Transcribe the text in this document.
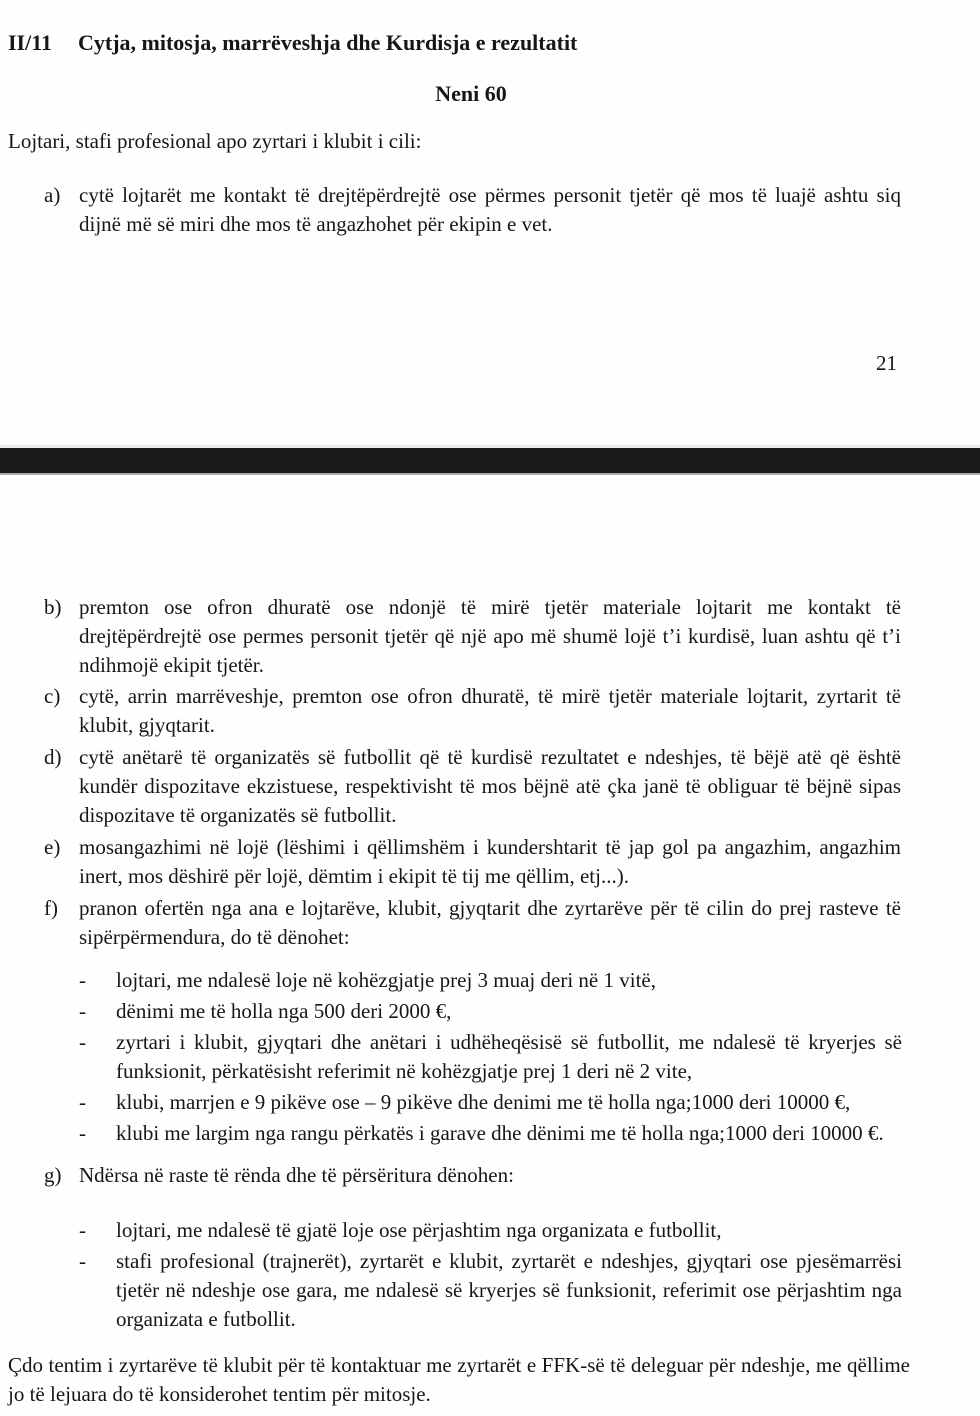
II/11	Cytja, mitosja, marrëveshja dhe Kurdisja e rezultatit
Neni 60

Lojtari, stafi profesional apo zyrtari i klubit i cili:

a) cytë lojtarët me kontakt të drejtëpërdrejtë ose përmes personit tjetër që mos të luajë ashtu siq dijnë më së miri dhe mos të angazhohet për ekipin e vet.
21
b) premton ose ofron dhuratë ose ndonjë të mirë tjetër materiale lojtarit me kontakt të drejtëpërdrejtë ose permes personit tjetër që një apo më shumë lojë t’i kurdisë, luan ashtu që t’i ndihmojë ekipit tjetër.
c) cytë, arrin marrëveshje, premton ose ofron dhuratë, të mirë tjetër materiale lojtarit, zyrtarit të klubit, gjyqtarit.
d) cytë anëtarë të organizatës së futbollit që të kurdisë rezultatet e ndeshjes, të bëjë atë që është kundër dispozitave ekzistuese, respektivisht të mos bëjnë atë çka janë të obliguar të bëjnë sipas dispozitave të organizatës së futbollit.
e) mosangazhimi në lojë (lëshimi i qëllimshëm i kundershtarit të jap gol pa angazhim, angazhim inert, mos dëshirë për lojë, dëmtim i ekipit të tij me qëllim, etj...).
f)	pranon ofertën nga ana e lojtarëve, klubit, gjyqtarit dhe zyrtarëve për të cilin do prej rasteve të sipërpërmendura, do të dënohet:
-	lojtari, me ndalesë loje në kohëzgjatje prej 3 muaj deri në 1 vitë,
-	dënimi me të holla nga 500 deri 2000 €,
-	zyrtari i klubit, gjyqtari dhe anëtari i udhëheqësisë së futbollit, me ndalesë të kryerjes së funksionit, përkatësisht referimit në kohëzgjatje prej 1 deri në 2 vite,
-	klubi, marrjen e 9 pikëve ose – 9 pikëve dhe denimi me të holla nga;1000 deri 10000 €,
-	klubi me largim nga rangu përkatës i garave dhe dënimi me të holla nga;1000 deri 10000 €.
g) Ndërsa në raste të rënda dhe të përsëritura dënohen:
-	lojtari, me ndalesë të gjatë loje ose përjashtim nga organizata e futbollit,
-	stafi profesional (trajnerët), zyrtarët e klubit, zyrtarët e ndeshjes, gjyqtari ose pjesëmarrësi tjetër në ndeshje ose gara, me ndalesë së kryerjes së funksionit, referimit ose përjashtim nga organizata e futbollit.

Çdo tentim i zyrtarëve të klubit për të kontaktuar me zyrtarët e FFK-së të deleguar për ndeshje, me qëllime jo të lejuara do të konsiderohet tentim për mitosje.
